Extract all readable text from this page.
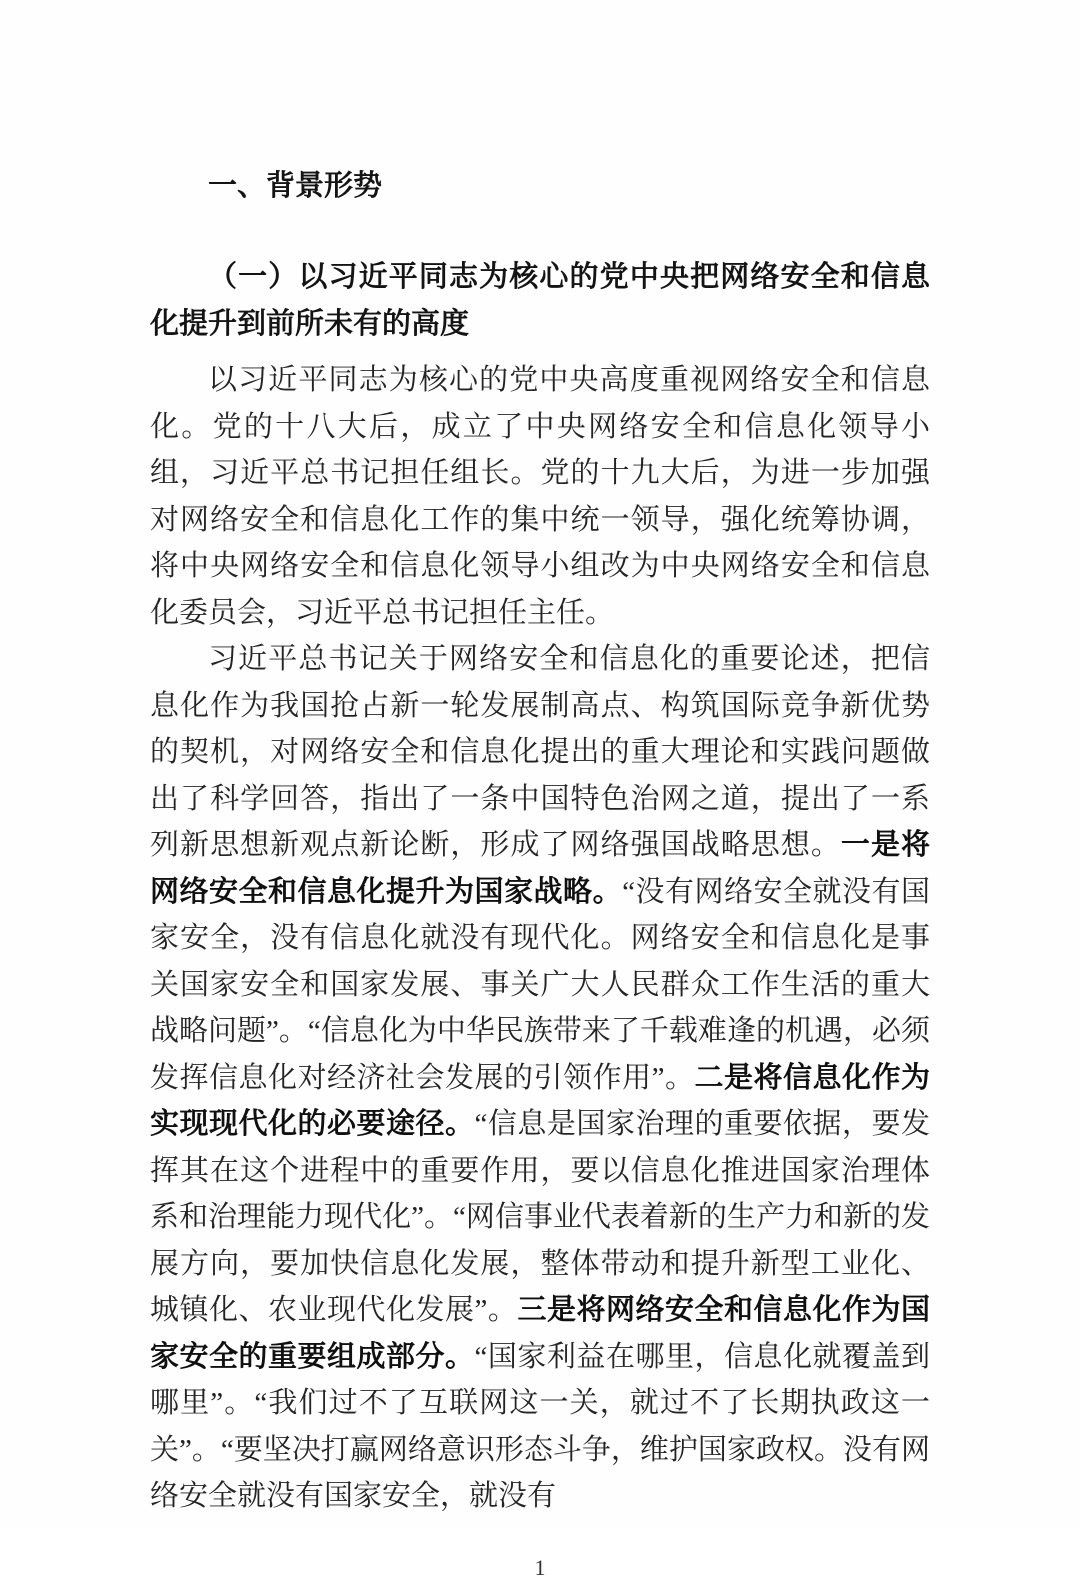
一、背景形势
（一）以习近平同志为核心的党中央把网络安全和信息化提升到前所未有的高度

以习近平同志为核心的党中央高度重视网络安全和信息化。党的十八大后，成立了中央网络安全和信息化领导小组，习近平总书记担任组长。党的十九大后，为进一步加强对网络安全和信息化工作的集中统一领导，强化统筹协调，将中央网络安全和信息化领导小组改为中央网络安全和信息化委员会，习近平总书记担任主任。

习近平总书记关于网络安全和信息化的重要论述，把信息化作为我国抢占新一轮发展制高点、构筑国际竞争新优势的契机，对网络安全和信息化提出的重大理论和实践问题做出了科学回答，指出了一条中国特色治网之道，提出了一系列新思想新观点新论断，形成了网络强国战略思想。一是将网络安全和信息化提升为国家战略。“没有网络安全就没有国家安全，没有信息化就没有现代化。网络安全和信息化是事关国家安全和国家发展、事关广大人民群众工作生活的重大战略问题”。“信息化为中华民族带来了千载难逢的机遇，必须发挥信息化对经济社会发展的引领作用”。二是将信息化作为实现现代化的必要途径。“信息是国家治理的重要依据，要发挥其在这个进程中的重要作用，要以信息化推进国家治理体系和治理能力现代化”。“网信事业代表着新的生产力和新的发展方向，要加快信息化发展，整体带动和提升新型工业化、城镇化、农业现代化发展”。三是将网络安全和信息化作为国家安全的重要组成部分。“国家利益在哪里，信息化就覆盖到哪里”。“我们过不了互联网这一关，就过不了长期执政这一关”。“要坚决打赢网络意识形态斗争，维护国家政权。没有网络安全就没有国家安全，就没有

1
